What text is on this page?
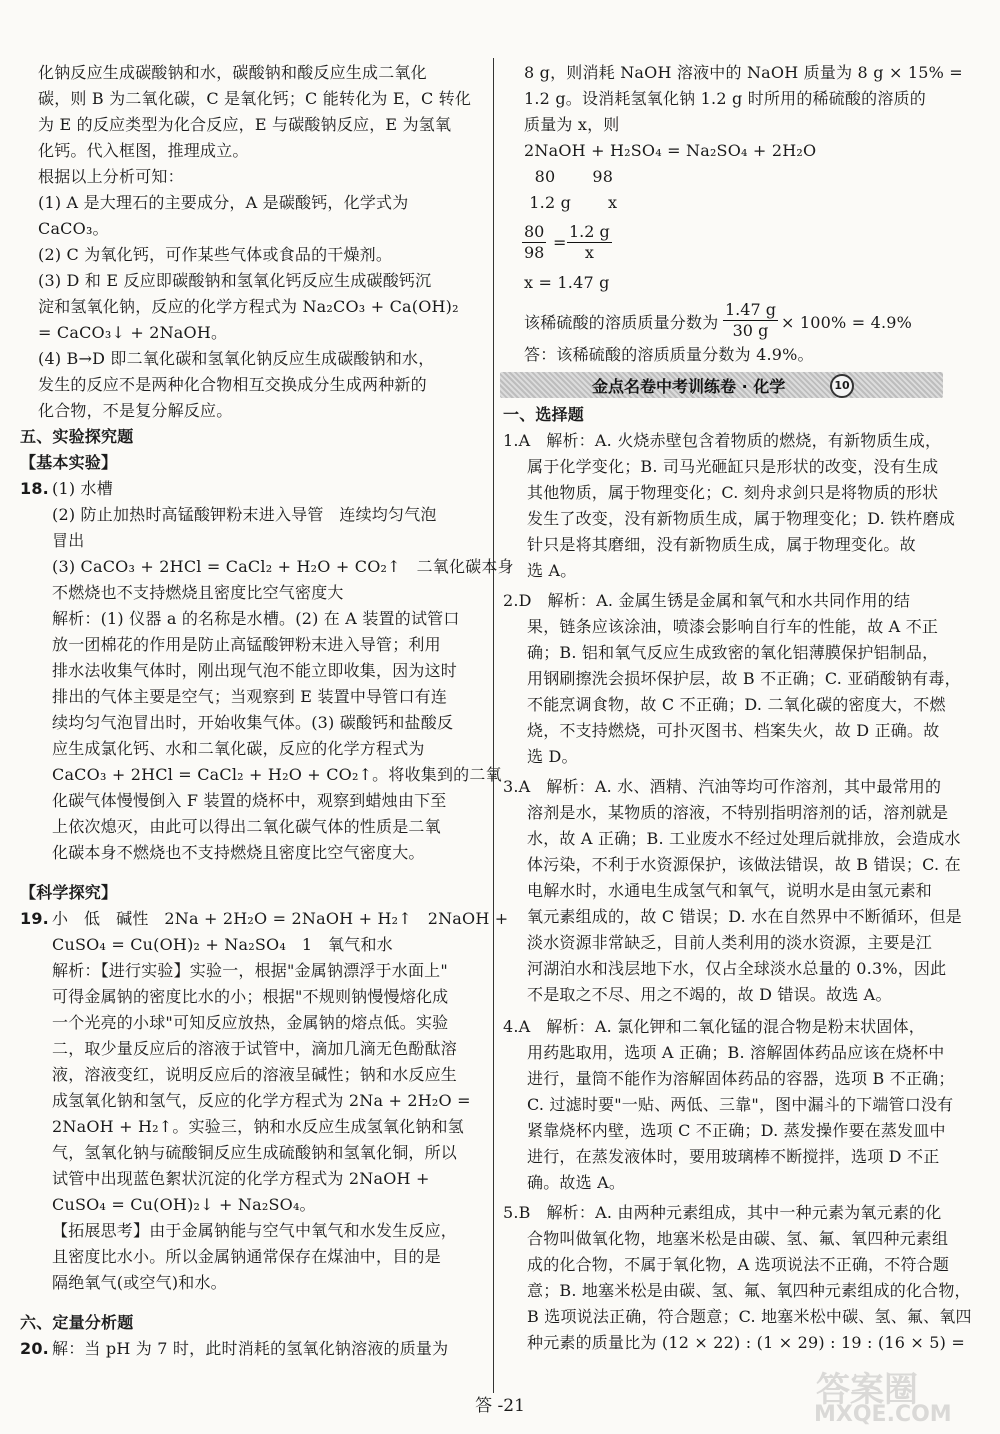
化钠反应生成碳酸钠和水，碳酸钠和酸反应生成二氧化
碳，则 B 为二氧化碳，C 是氧化钙；C 能转化为 E，C 转化
为 E 的反应类型为化合反应，E 与碳酸钠反应，E 为氢氧
化钙。代入框图，推理成立。
根据以上分析可知：
(1) A 是大理石的主要成分，A 是碳酸钙，化学式为
CaCO₃。
(2) C 为氧化钙，可作某些气体或食品的干燥剂。
(3) D 和 E 反应即碳酸钠和氢氧化钙反应生成碳酸钙沉
淀和氢氧化钠，反应的化学方程式为 Na₂CO₃ + Ca(OH)₂
= CaCO₃↓ + 2NaOH。
(4) B→D 即二氧化碳和氢氧化钠反应生成碳酸钠和水，
发生的反应不是两种化合物相互交换成分生成两种新的
化合物，不是复分解反应。
五、实验探究题
【基本实验】
18. (1) 水槽
(2) 防止加热时高锰酸钾粉末进入导管   连续均匀气泡
冒出
(3) CaCO₃ + 2HCl = CaCl₂ + H₂O + CO₂↑   二氧化碳本身
不燃烧也不支持燃烧且密度比空气密度大
解析：(1) 仪器 a 的名称是水槽。(2) 在 A 装置的试管口
放一团棉花的作用是防止高锰酸钾粉末进入导管；利用
排水法收集气体时，刚出现气泡不能立即收集，因为这时
排出的气体主要是空气；当观察到 E 装置中导管口有连
续均匀气泡冒出时，开始收集气体。(3) 碳酸钙和盐酸反
应生成氯化钙、水和二氧化碳，反应的化学方程式为
CaCO₃ + 2HCl = CaCl₂ + H₂O + CO₂↑。将收集到的二氧
化碳气体慢慢倒入 F 装置的烧杯中，观察到蜡烛由下至
上依次熄灭，由此可以得出二氧化碳气体的性质是二氧
化碳本身不燃烧也不支持燃烧且密度比空气密度大。
【科学探究】
19. 小   低   碱性   2Na + 2H₂O = 2NaOH + H₂↑   2NaOH +
CuSO₄ = Cu(OH)₂ + Na₂SO₄   1   氧气和水
解析：【进行实验】实验一，根据"金属钠漂浮于水面上"
可得金属钠的密度比水的小；根据"不规则钠慢慢熔化成
一个光亮的小球"可知反应放热，金属钠的熔点低。实验
二，取少量反应后的溶液于试管中，滴加几滴无色酚酞溶
液，溶液变红，说明反应后的溶液呈碱性；钠和水反应生
成氢氧化钠和氢气，反应的化学方程式为 2Na + 2H₂O =
2NaOH + H₂↑。实验三，钠和水反应生成氢氧化钠和氢
气，氢氧化钠与硫酸铜反应生成硫酸钠和氢氧化铜，所以
试管中出现蓝色絮状沉淀的化学方程式为 2NaOH +
CuSO₄ = Cu(OH)₂↓ + Na₂SO₄。
【拓展思考】由于金属钠能与空气中氧气和水发生反应，
且密度比水小。所以金属钠通常保存在煤油中，目的是
隔绝氧气(或空气)和水。
六、定量分析题
20. 解：当 pH 为 7 时，此时消耗的氢氧化钠溶液的质量为
8 g，则消耗 NaOH 溶液中的 NaOH 质量为 8 g × 15% =
1.2 g。设消耗氢氧化钠 1.2 g 时所用的稀硫酸的溶质的
质量为 x，则
2NaOH + H₂SO₄ = Na₂SO₄ + 2H₂O
80       98
1.2 g       x
$\frac{80}{98} = \frac{1.2 g}{x}$
x = 1.47 g
该稀硫酸的溶质质量分数为 $\frac{1.47 g}{30 g} \times 100\% = 4.9\%$
答：该稀硫酸的溶质质量分数为 4.9%。
金点名卷中考训练卷 · 化学	10
一、选择题
1.A   解析：A. 火烧赤壁包含着物质的燃烧，有新物质生成，
属于化学变化；B. 司马光砸缸只是形状的改变，没有生成
其他物质，属于物理变化；C. 刻舟求剑只是将物质的形状
发生了改变，没有新物质生成，属于物理变化；D. 铁杵磨成
针只是将其磨细，没有新物质生成，属于物理变化。故
选 A。
2.D   解析：A. 金属生锈是金属和氧气和水共同作用的结
果，链条应该涂油，喷漆会影响自行车的性能，故 A 不正
确；B. 铝和氧气反应生成致密的氧化铝薄膜保护铝制品，
用钢刷擦洗会损坏保护层，故 B 不正确；C. 亚硝酸钠有毒，
不能烹调食物，故 C 不正确；D. 二氧化碳的密度大，不燃
烧，不支持燃烧，可扑灭图书、档案失火，故 D 正确。故
选 D。
3.A   解析：A. 水、酒精、汽油等均可作溶剂，其中最常用的
溶剂是水，某物质的溶液，不特别指明溶剂的话，溶剂就是
水，故 A 正确；B. 工业废水不经过处理后就排放，会造成水
体污染，不利于水资源保护，该做法错误，故 B 错误；C. 在
电解水时，水通电生成氢气和氧气，说明水是由氢元素和
氧元素组成的，故 C 错误；D. 水在自然界中不断循环，但是
淡水资源非常缺乏，目前人类利用的淡水资源，主要是江
河湖泊水和浅层地下水，仅占全球淡水总量的 0.3%，因此
不是取之不尽、用之不竭的，故 D 错误。故选 A。
4.A   解析：A. 氯化钾和二氧化锰的混合物是粉末状固体，
用药匙取用，选项 A 正确；B. 溶解固体药品应该在烧杯中
进行，量筒不能作为溶解固体药品的容器，选项 B 不正确；
C. 过滤时要"一贴、两低、三靠"，图中漏斗的下端管口没有
紧靠烧杯内壁，选项 C 不正确；D. 蒸发操作要在蒸发皿中
进行，在蒸发液体时，要用玻璃棒不断搅拌，选项 D 不正
确。故选 A。
5.B   解析：A. 由两种元素组成，其中一种元素为氧元素的化
合物叫做氧化物，地塞米松是由碳、氢、氟、氧四种元素组
成的化合物，不属于氧化物，A 选项说法不正确，不符合题
意；B. 地塞米松是由碳、氢、氟、氧四种元素组成的化合物，
B 选项说法正确，符合题意；C. 地塞米松中碳、氢、氟、氧四
种元素的质量比为 (12 × 22) : (1 × 29) : 19 : (16 × 5) =
答 -21	答案圈
MXQE.COM
